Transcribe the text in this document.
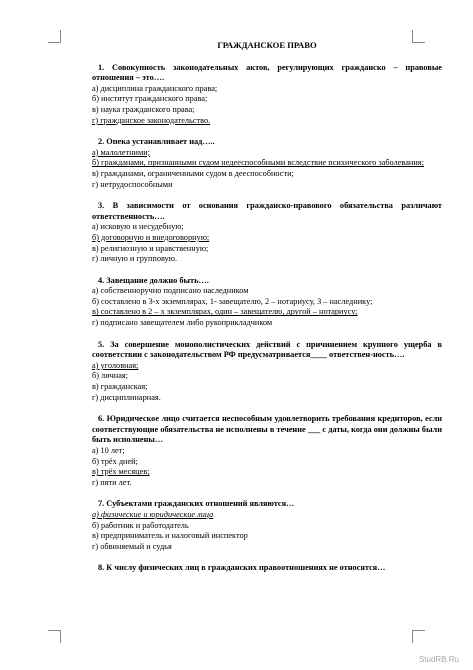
ГРАЖДАНСКОЕ ПРАВО
1. Совокупность законодательных актов, регулирующих гражданско – правовые отношения – это….
а) дисциплина гражданского права;
б) институт гражданского права;
в) наука гражданского права;
г) гражданское законодательство.
2. Опека устанавливает над…..
а) малолетними;
б) гражданами, признанными судом недееспособными вследствие психического заболевания;
в) гражданами, ограниченными судом в дееспособности;
г) нетрудоспособными
3. В зависимости от основания гражданско-правового обязательства различают ответственность….
а) исковую и несудебную;
б) договорную и внедоговорную;
в) религиозную и нравственную;
г) личную и групповую.
4. Завещание должно быть….
а) собственноручно подписано наследником
б) составлено в 3-х экземплярах, 1- завещателю, 2 – нотариусу, 3 – наследнику;
в) составлено в 2 – х экземплярах, один – завещателю, другой – нотариусу;
г) подписано завещателем либо рукоприкладчиком
5. За совершение монополистических действий с причинением крупного ущерба в соответствии с законодательством РФ предусматривается____ ответствен-ность….
а) уголовная;
б) личная;
в) гражданская;
г) дисциплинарная.
6. Юридическое лицо считается неспособным удовлетворить требования кредиторов, если соответствующие обязательства не исполнены в течение ___ с даты, когда они должны были быть исполнены…
а) 10 лет;
б) трёх дней;
в) трёх месяцев;
г) пяти лет.
7. Субъектами гражданских отношений являются…
а) физические и юридические лица
б) работник и работодатель
в) предприниматель и налоговый инспектор
г) обвиняемый и судья
8. К числу физических лиц в гражданских правоотношениях не относятся…
StudRB.Ru
